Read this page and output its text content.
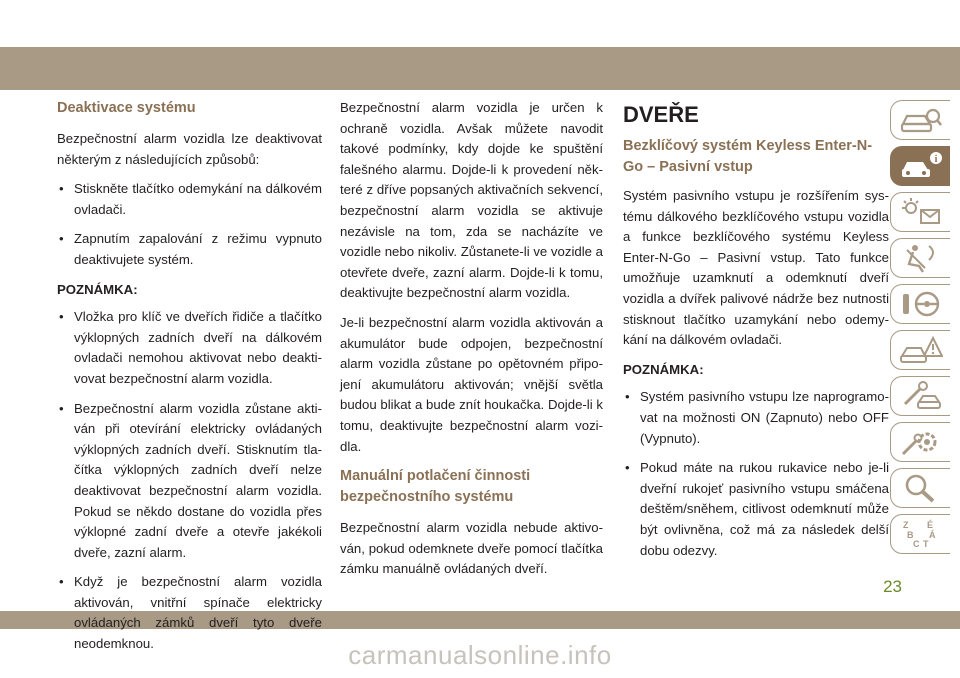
Deaktivace systému

Bezpečnostní alarm vozidla lze deaktivovat některým z následujících způsobů:

• Stiskněte tlačítko odemykání na dálkovém ovladači.
• Zapnutím zapalování z režimu vypnuto deaktivujete systém.
POZNÁMKA:
• Vložka pro klíč ve dveřích řidiče a tlačítko výklopných zadních dveří na dálkovém ovladači nemohou aktivovat nebo deaktivovat bezpečnostní alarm vozidla.
• Bezpečnostní alarm vozidla zůstane aktiván při otevírání elektricky ovládaných výklopných zadních dveří. Stisknutím tlačítka výklopných zadních dveří nelze deaktivovat bezpečnostní alarm vozidla. Pokud se někdo dostane do vozidla přes výklopné zadní dveře a otevře jakékoli dveře, zazní alarm.
• Když je bezpečnostní alarm vozidla aktivován, vnitřní spínače elektricky ovládaných zámků dveří tyto dveře neodemknou.

Bezpečnostní alarm vozidla je určen k ochraně vozidla. Avšak můžete navodit takové podmínky, kdy dojde ke spuštění falešného alarmu. Dojde-li k provedení některé z dříve popsaných aktivačních sekvencí, bezpečnostní alarm vozidla se aktivuje nezávisle na tom, zda se nacházíte ve vozidle nebo nikoliv. Zůstanete-li ve vozidle a otevřete dveře, zazní alarm. Dojde-li k tomu, deaktivujte bezpečnostní alarm vozidla.

Je-li bezpečnostní alarm vozidla aktivován a akumulátor bude odpojen, bezpečnostní alarm vozidla zůstane po opětovném připojení akumulátoru aktivován; vnější světla budou blikat a bude znít houkačka. Dojde-li k tomu, deaktivujte bezpečnostní alarm vozidla.

Manuální potlačení činnosti bezpečnostního systému

Bezpečnostní alarm vozidla nebude aktivován, pokud odemknete dveře pomocí tlačítka zámku manuálně ovládaných dveří.

DVEŘE
Bezklíčový systém Keyless Enter-N-Go – Pasivní vstup

Systém pasivního vstupu je rozšířením systému dálkového bezklíčového vstupu vozidla a funkce bezklíčového systému Keyless Enter-N-Go – Pasivní vstup. Tato funkce umožňuje uzamknutí a odemknutí dveří vozidla a dvířek palivové nádrže bez nutnosti stisknout tlačítko uzamykání nebo odemykání na dálkovém ovladači.

POZNÁMKA:
• Systém pasivního vstupu lze naprogramovat na možnosti ON (Zapnuto) nebo OFF (Vypnuto).
• Pokud máte na rukou rukavice nebo je-li dveřní rukojeť pasivního vstupu smáčena deštěm/sněhem, citlivost odemknutí může být ovlivněna, což má za následek delší dobu odezvy.
i
Z É
B Á
C T
23
carmanualsonline.info
